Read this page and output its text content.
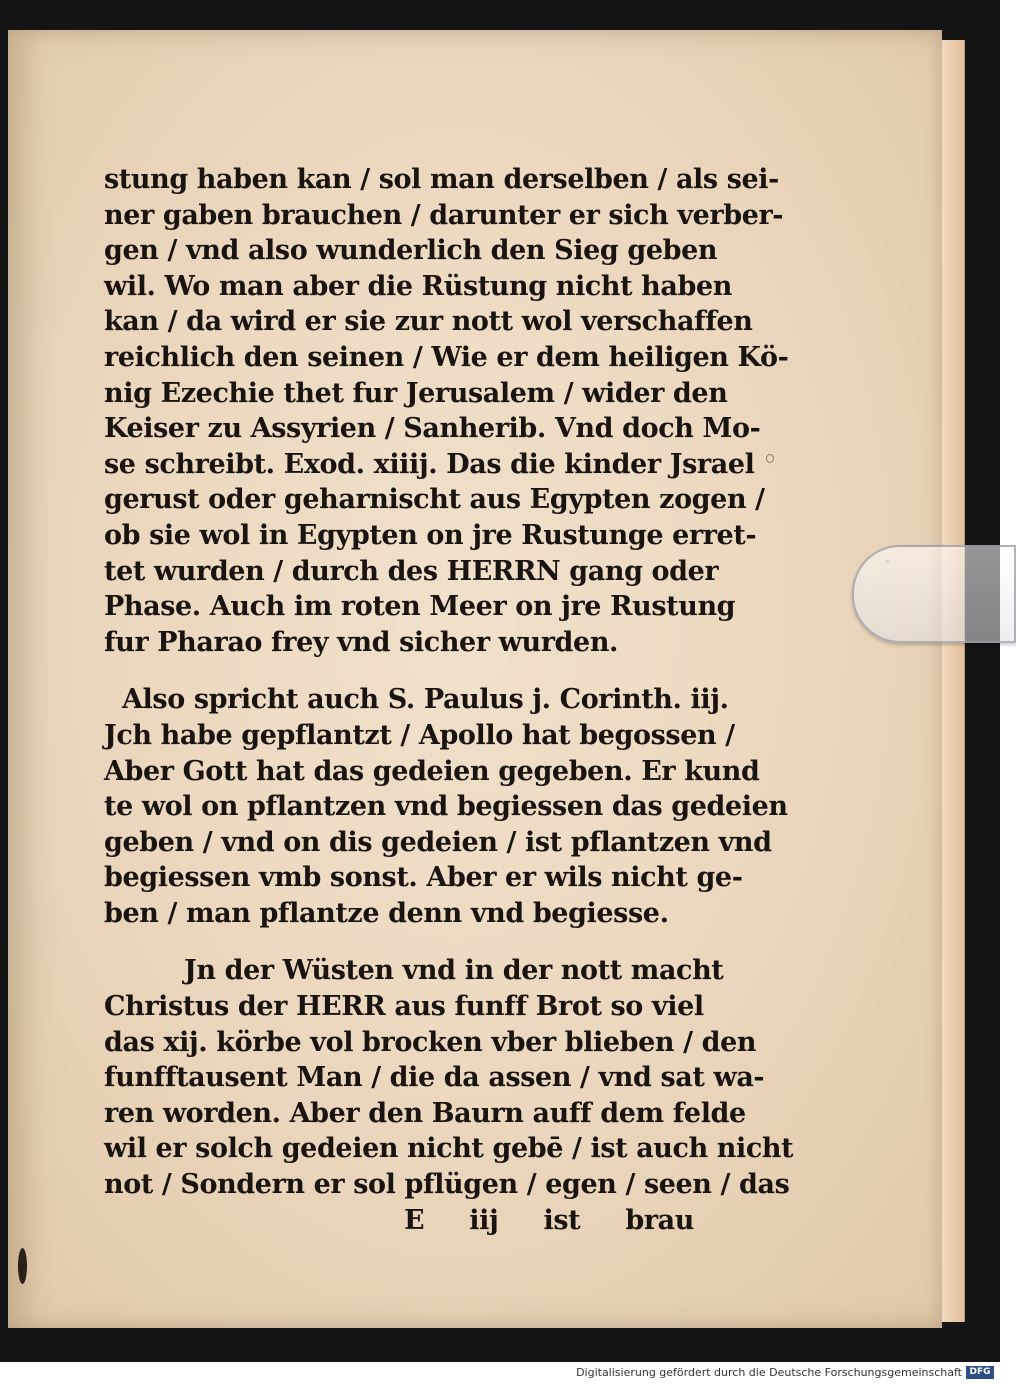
stung haben kan / sol man derselben / als sei-
ner gaben brauchen / darunter er sich verber-
gen / vnd also wunderlich den Sieg geben
wil. Wo man aber die Rüstung nicht haben
kan / da wird er sie zur nott wol verschaffen
reichlich den seinen / Wie er dem heiligen Kö-
nig Ezechie thet fur Jerusalem / wider den
Keiser zu Assyrien / Sanherib. Vnd doch Mo-
se schreibt. Exod. xiiij. Das die kinder Jsrael
gerust oder geharnischt aus Egypten zogen /
ob sie wol in Egypten on jre Rustunge erret-
tet wurden / durch des HERRN gang oder
Phase. Auch im roten Meer on jre Rustung
fur Pharao frey vnd sicher wurden.
Also spricht auch S. Paulus j. Corinth. iij.
Jch habe gepflantzt / Apollo hat begossen /
Aber Gott hat das gedeien gegeben. Er kund
te wol on pflantzen vnd begiessen das gedeien
geben / vnd on dis gedeien / ist pflantzen vnd
begiessen vmb sonst. Aber er wils nicht ge-
ben / man pflantze denn vnd begiesse.
Jn der Wüsten vnd in der nott macht
Christus der HERR aus funff Brot so viel
das xij. körbe vol brocken vber blieben / den
funfftausent Man / die da assen / vnd sat wa-
ren worden. Aber den Baurn auff dem felde
wil er solch gedeien nicht gebē / ist auch nicht
not / Sondern er sol pflügen / egen / seen / das
E iij ist brau
Digitalisierung gefördert durch die Deutsche Forschungsgemeinschaft DFG
